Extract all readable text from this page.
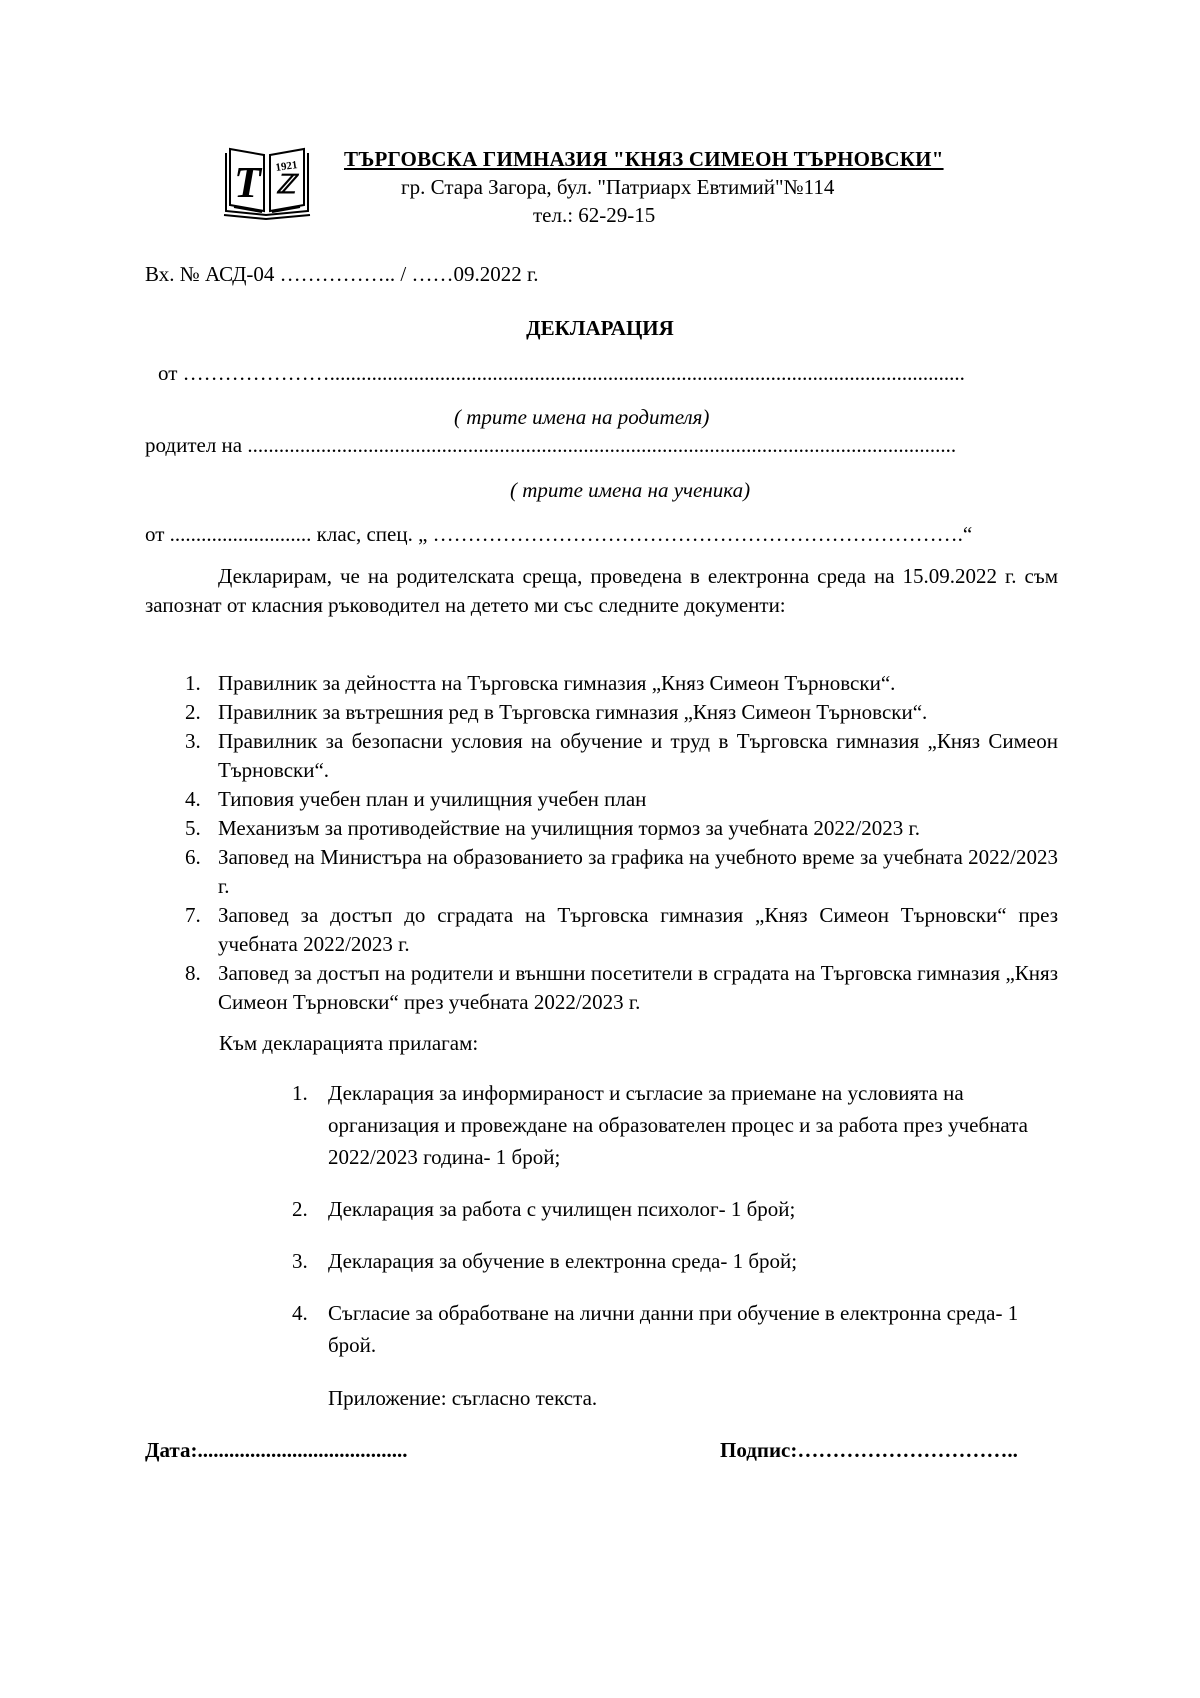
Т 1921
ℤ
ТЪРГОВСКА ГИМНАЗИЯ "КНЯЗ СИМЕОН ТЪРНОВСКИ"
гр. Стара Загора, бул. "Патриарх Евтимий"№114
тел.: 62-29-15
Вх. № АСД-04 …………….. / ……09.2022 г.
ДЕКЛАРАЦИЯ
от ………………….........................................................................................................................
( трите имена на родителя)
родител на .......................................................................................................................................
( трите имена на ученика)
от ........................... клас, спец. „ ………………………………………………………………….“
Декларирам, че на родителската среща, проведена в електронна среда на 15.09.2022 г. съм запознат от класния ръководител на детето ми със следните документи:
1. Правилник за дейността на Търговска гимназия „Княз Симеон Търновски“.
2. Правилник за вътрешния ред в Търговска гимназия „Княз Симеон Търновски“.
3. Правилник за безопасни условия на обучение и труд в Търговска гимназия „Княз Симеон Търновски“.
4. Типовия учебен план и училищния учебен план
5. Механизъм за противодействие на училищния тормоз за учебната 2022/2023 г.
6. Заповед на Министъра на образованието за графика на учебното време за учебната 2022/2023 г.
7. Заповед за достъп до сградата на Търговска гимназия „Княз Симеон Търновски“ през учебната 2022/2023 г.
8. Заповед за достъп на родители и външни посетители в сградата на Търговска гимназия „Княз Симеон Търновски“ през учебната 2022/2023 г.
Към декларацията прилагам:
1. Декларация за информираност и съгласие за приемане на условията на организация и провеждане на образователен процес и за работа през учебната 2022/2023 година- 1 брой;
2. Декларация за работа с училищен психолог- 1 брой;
3. Декларация за обучение в електронна среда- 1 брой;
4. Съгласие за обработване на лични данни при обучение в електронна среда- 1 брой.
Приложение: съгласно текста.
Дата:........................................	Подпис:…………………………..
